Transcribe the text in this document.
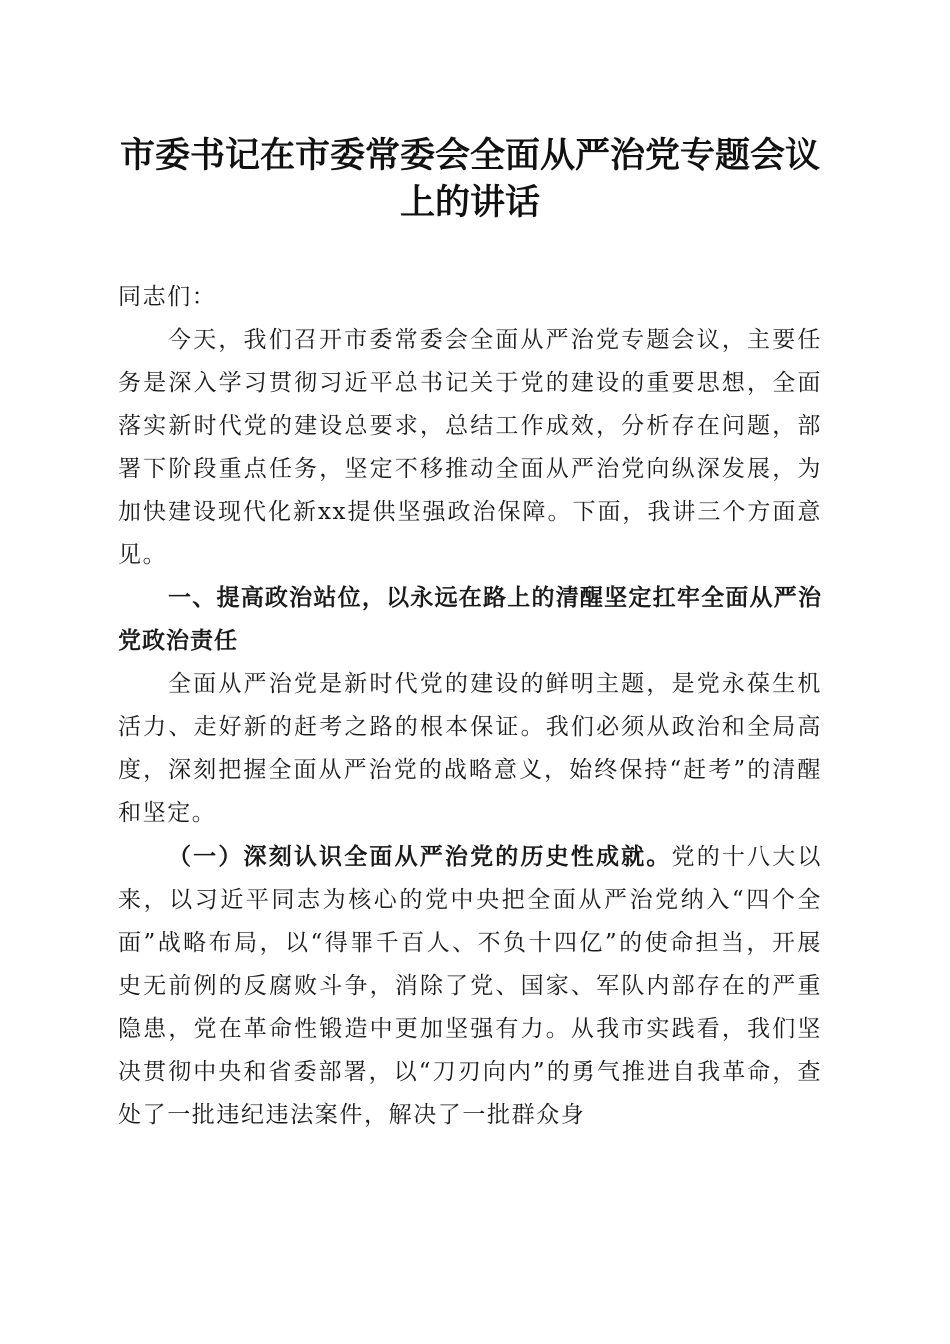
市委书记在市委常委会全面从严治党专题会议
上的讲话

同志们：

今天，我们召开市委常委会全面从严治党专题会议，主要任务是深入学习贯彻习近平总书记关于党的建设的重要思想，全面落实新时代党的建设总要求，总结工作成效，分析存在问题，部署下阶段重点任务，坚定不移推动全面从严治党向纵深发展，为加快建设现代化新xx提供坚强政治保障。下面，我讲三个方面意见。

一、提高政治站位，以永远在路上的清醒坚定扛牢全面从严治党政治责任

全面从严治党是新时代党的建设的鲜明主题，是党永葆生机活力、走好新的赶考之路的根本保证。我们必须从政治和全局高度，深刻把握全面从严治党的战略意义，始终保持“赶考”的清醒和坚定。

（一）深刻认识全面从严治党的历史性成就。党的十八大以来，以习近平同志为核心的党中央把全面从严治党纳入“四个全面”战略布局，以“得罪千百人、不负十四亿”的使命担当，开展史无前例的反腐败斗争，消除了党、国家、军队内部存在的严重隐患，党在革命性锻造中更加坚强有力。从我市实践看，我们坚决贯彻中央和省委部署，以“刀刃向内”的勇气推进自我革命，查处了一批违纪违法案件，解决了一批群众身
